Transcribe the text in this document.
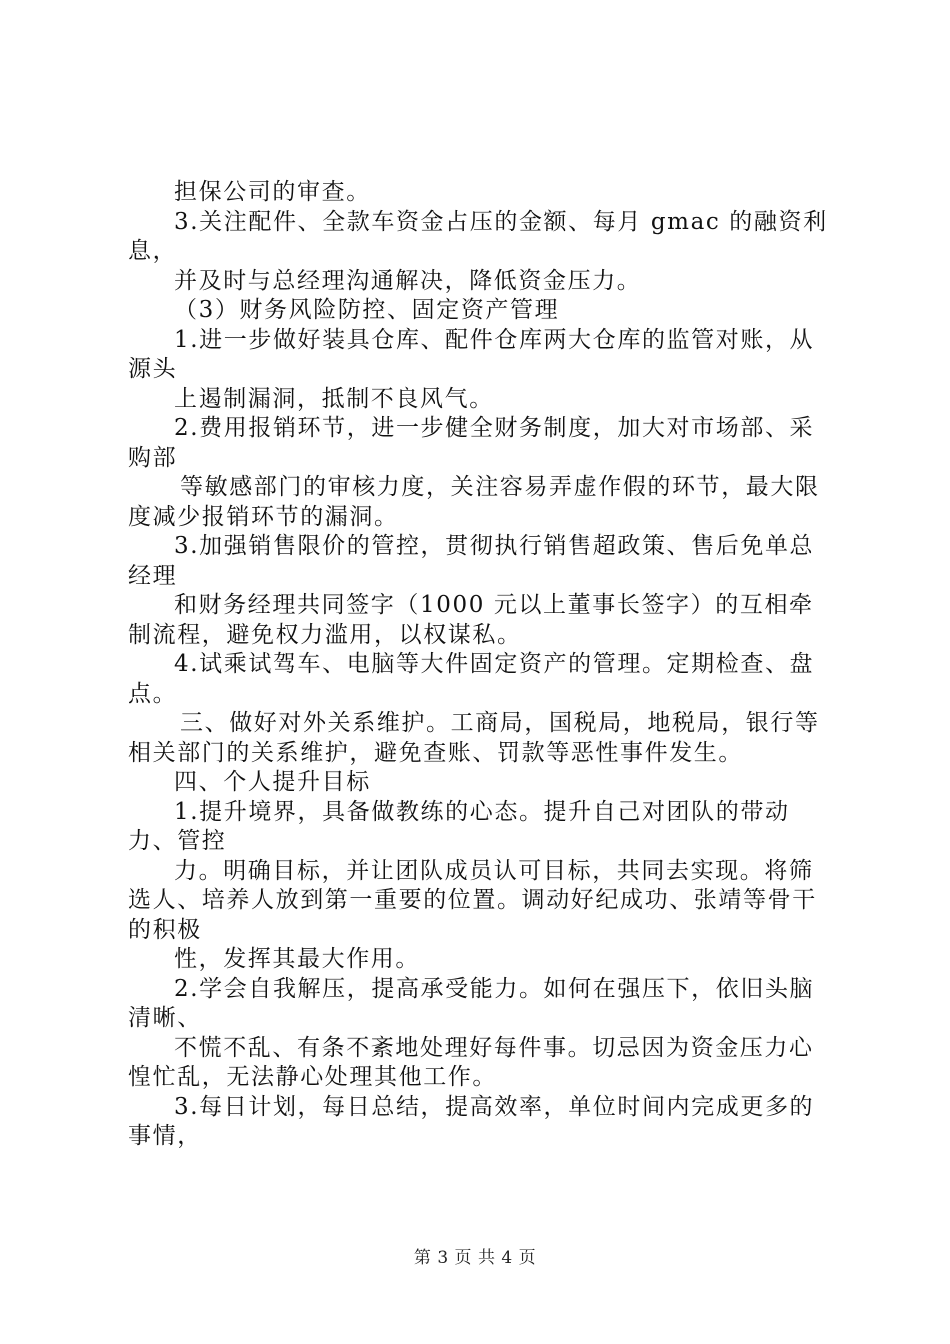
担保公司的审查。

3.关注配件、全款车资金占压的金额、每月 gmac 的融资利息，

并及时与总经理沟通解决，降低资金压力。

（3）财务风险防控、固定资产管理

1.进一步做好装具仓库、配件仓库两大仓库的监管对账，从源头

上遏制漏洞，抵制不良风气。

2.费用报销环节，进一步健全财务制度，加大对市场部、采购部

等敏感部门的审核力度，关注容易弄虚作假的环节，最大限度减少报销环节的漏洞。

3.加强销售限价的管控，贯彻执行销售超政策、售后免单总经理

和财务经理共同签字（1000 元以上董事长签字）的互相牵制流程，避免权力滥用，以权谋私。

4.试乘试驾车、电脑等大件固定资产的管理。定期检查、盘点。

三、做好对外关系维护。工商局，国税局，地税局，银行等相关部门的关系维护，避免查账、罚款等恶性事件发生。

四、个人提升目标

1.提升境界，具备做教练的心态。提升自己对团队的带动力、管控

力。明确目标，并让团队成员认可目标，共同去实现。将筛选人、培养人放到第一重要的位置。调动好纪成功、张靖等骨干的积极

性，发挥其最大作用。

2.学会自我解压，提高承受能力。如何在强压下，依旧头脑清晰、

不慌不乱、有条不紊地处理好每件事。切忌因为资金压力心惶忙乱，无法静心处理其他工作。

3.每日计划，每日总结，提高效率，单位时间内完成更多的事情，

第 3 页 共 4 页
